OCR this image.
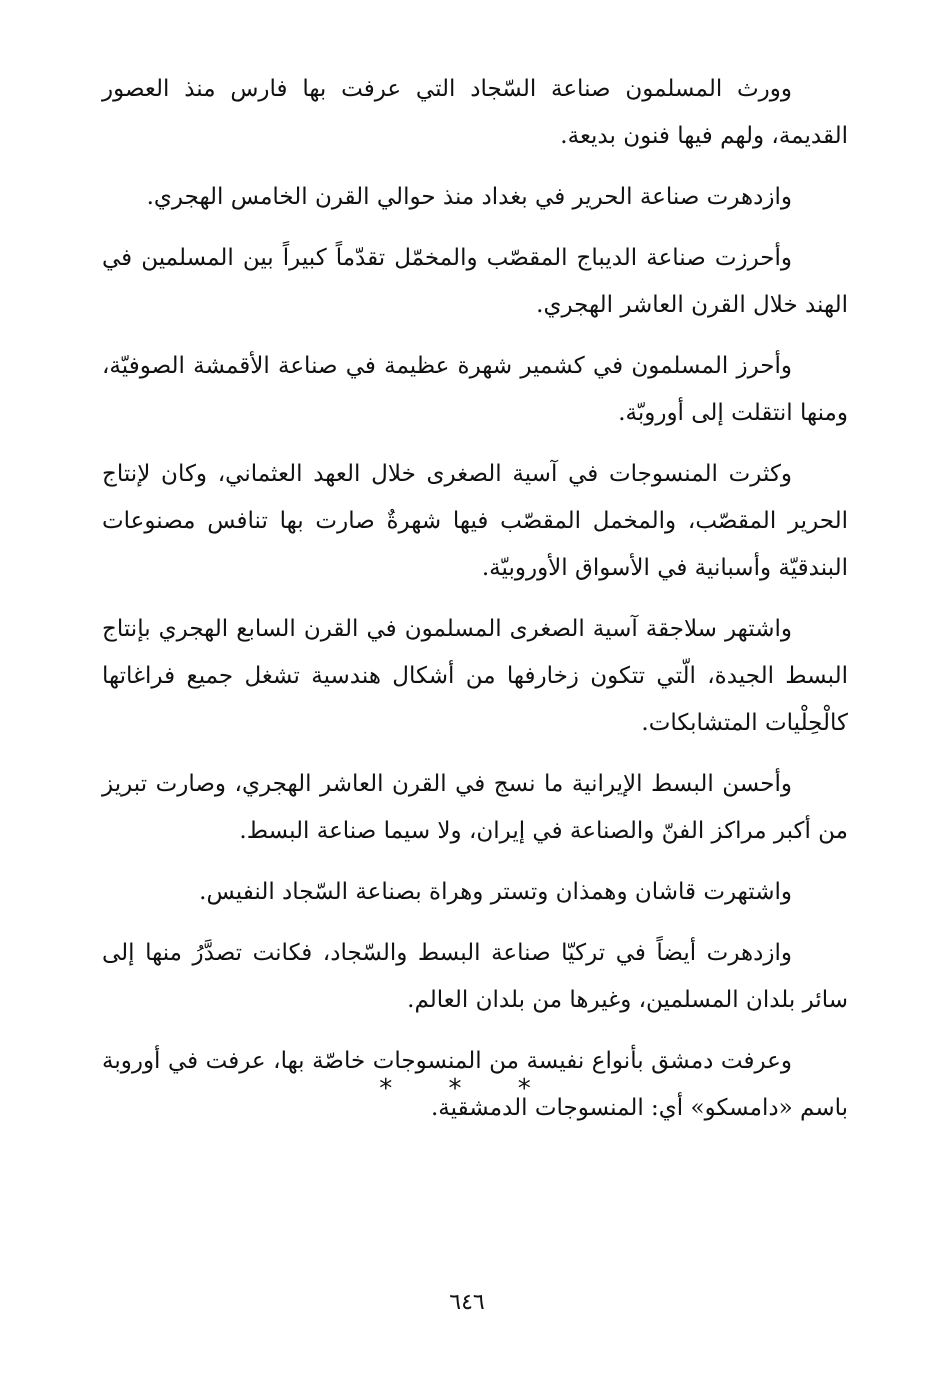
وورث المسلمون صناعة السّجاد التي عرفت بها فارس منذ العصور القديمة، ولهم فيها فنون بديعة.

وازدهرت صناعة الحرير في بغداد منذ حوالي القرن الخامس الهجري.

وأحرزت صناعة الديباج المقصّب والمخمّل تقدّماً كبيراً بين المسلمين في الهند خلال القرن العاشر الهجري.

وأحرز المسلمون في كشمير شهرة عظيمة في صناعة الأقمشة الصوفيّة، ومنها انتقلت إلى أوروبّة.

وكثرت المنسوجات في آسية الصغرى خلال العهد العثماني، وكان لإنتاج الحرير المقصّب، والمخمل المقصّب فيها شهرةٌ صارت بها تنافس مصنوعات البندقيّة وأسبانية في الأسواق الأوروبيّة.

واشتهر سلاجقة آسية الصغرى المسلمون في القرن السابع الهجري بإنتاج البسط الجيدة، الّتي تتكون زخارفها من أشكال هندسية تشغل جميع فراغاتها كالْحِلْيات المتشابكات.

وأحسن البسط الإيرانية ما نسج في القرن العاشر الهجري، وصارت تبريز من أكبر مراكز الفنّ والصناعة في إيران، ولا سيما صناعة البسط.

واشتهرت قاشان وهمذان وتستر وهراة بصناعة السّجاد النفيس.

وازدهرت أيضاً في تركيّا صناعة البسط والسّجاد، فكانت تصدَّرُ منها إلى سائر بلدان المسلمين، وغيرها من بلدان العالم.

وعرفت دمشق بأنواع نفيسة من المنسوجات خاصّة بها، عرفت في أوروبة باسم «دامسكو» أي: المنسوجات الدمشقية.

* * *
٦٤٦
